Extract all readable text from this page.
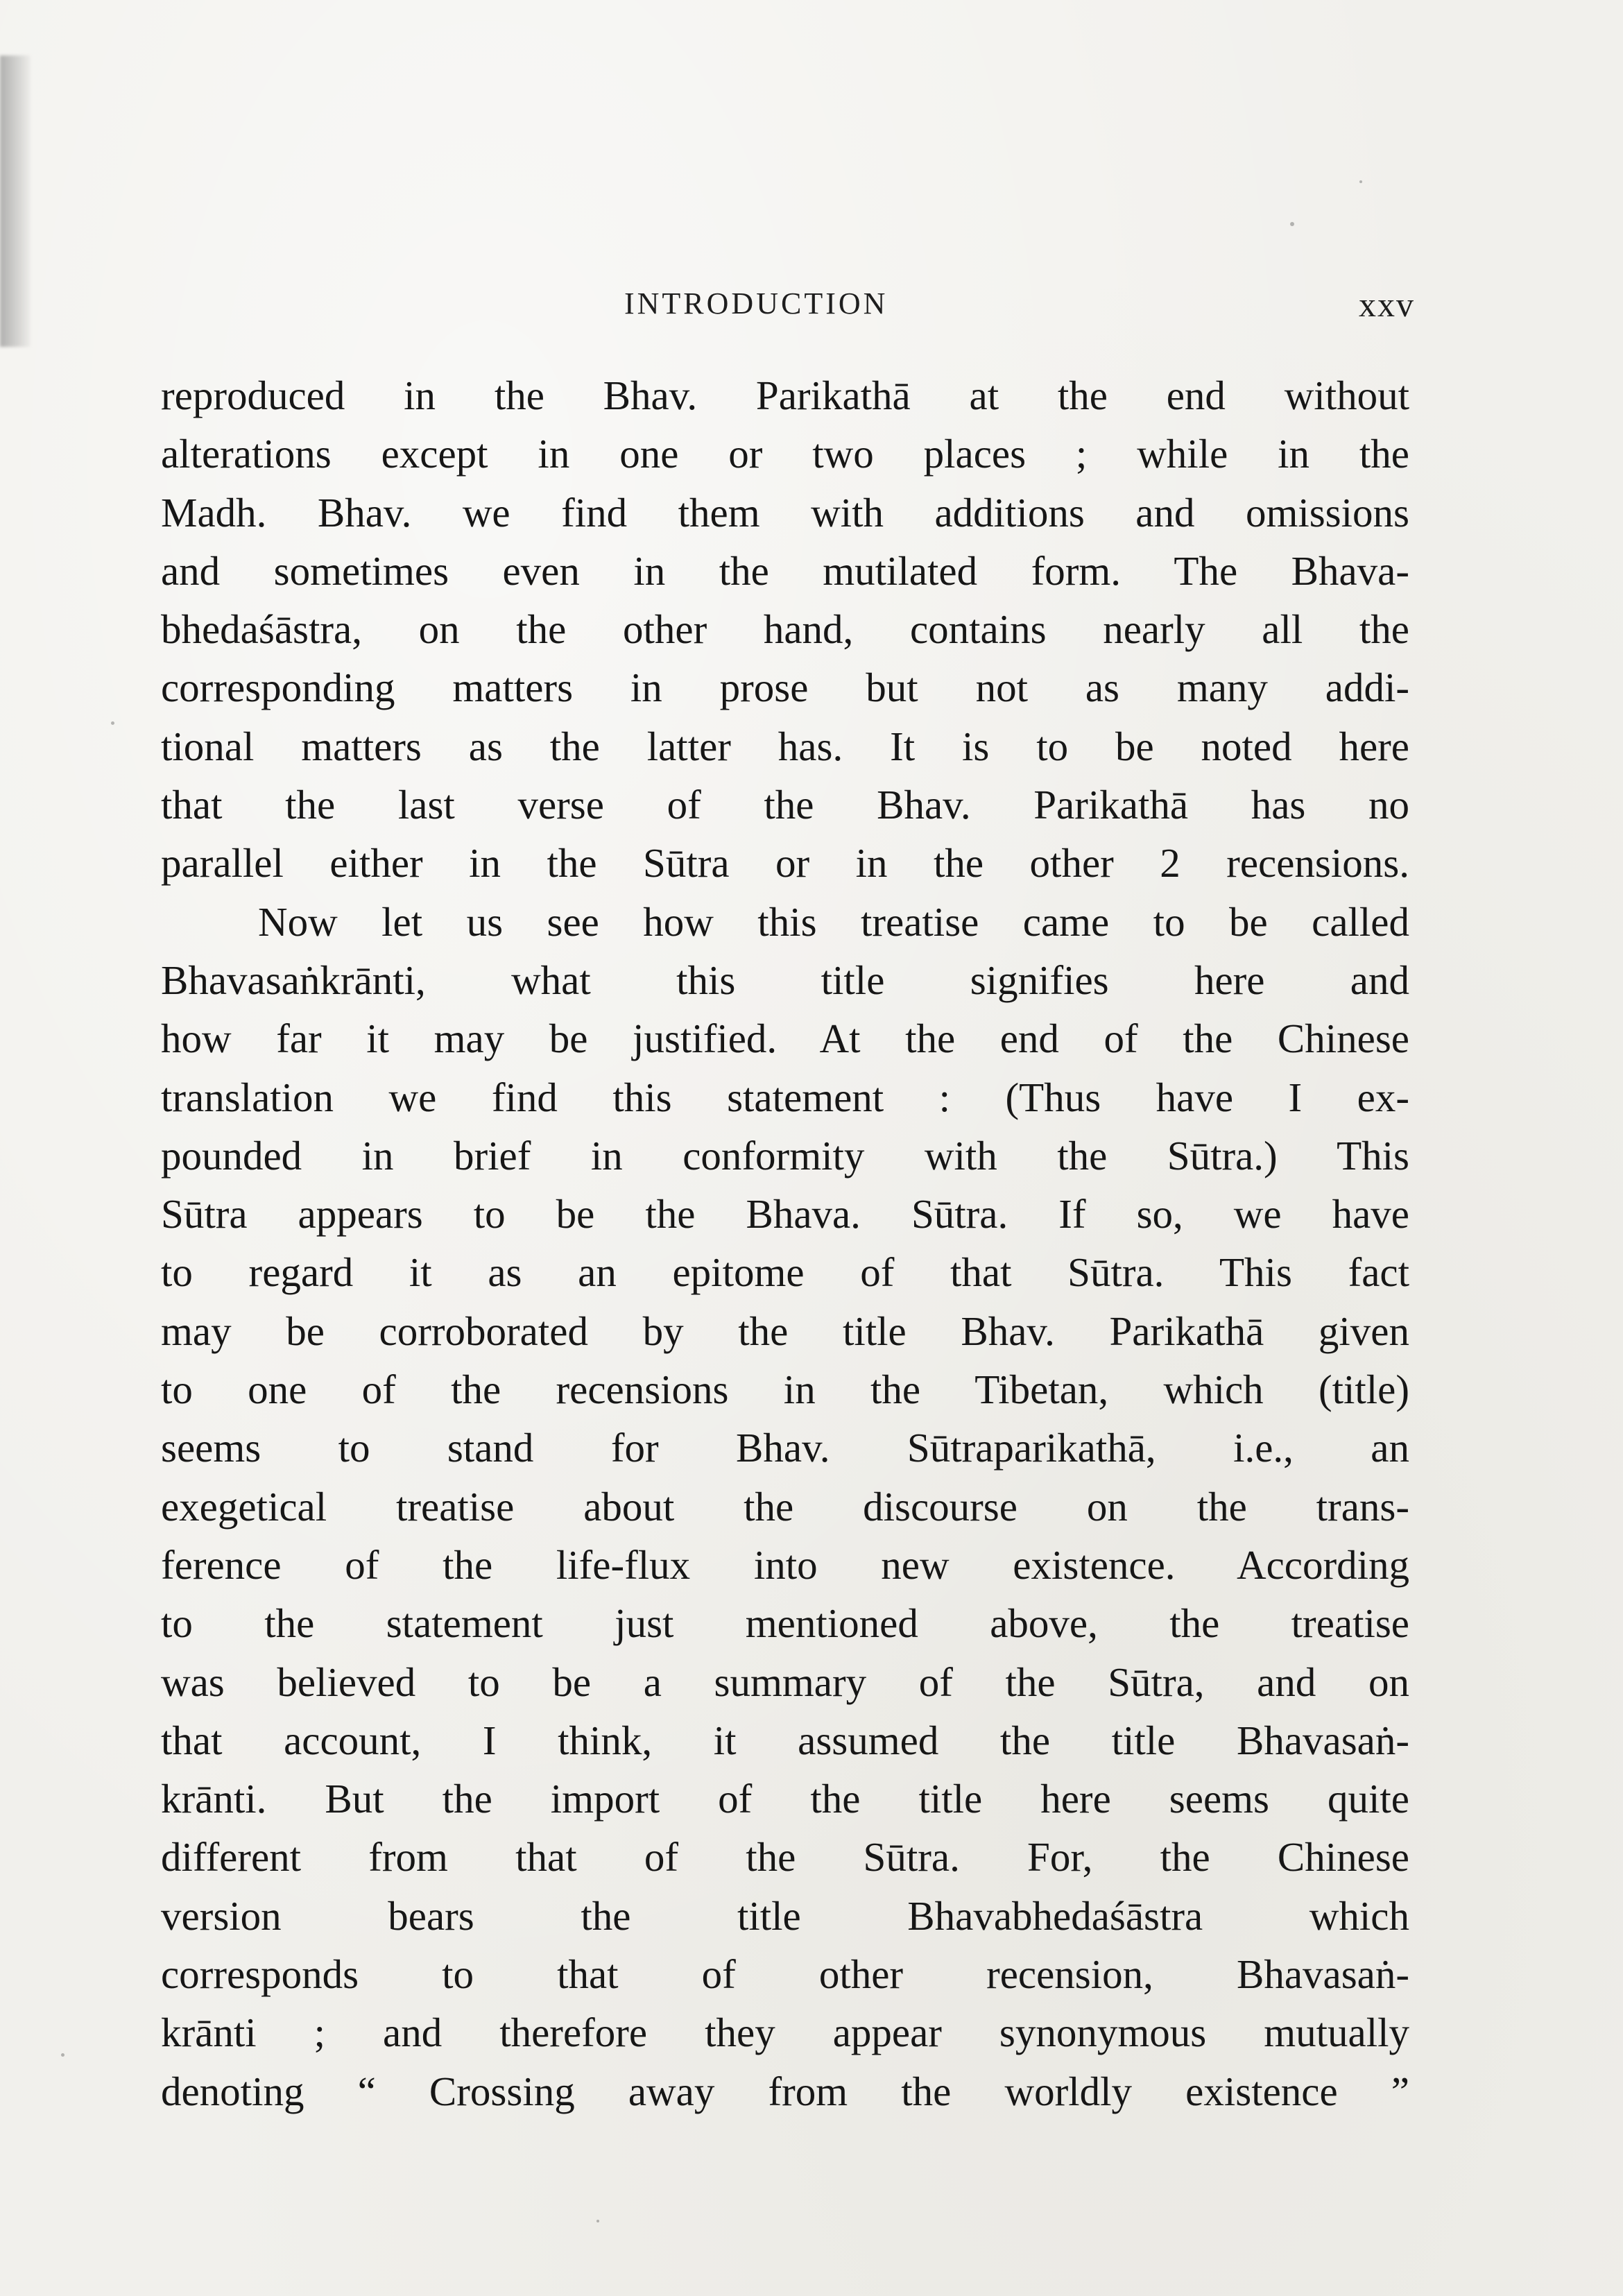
INTRODUCTION	xxv
reproduced in the Bhav. Parikathā at the end without
alterations except in one or two places ; while in the
Madh. Bhav. we find them with additions and omissions
and sometimes even in the mutilated form. The Bhava-
bhedaśāstra, on the other hand, contains nearly all the
corresponding matters in prose but not as many addi-
tional matters as the latter has. It is to be noted here
that the last verse of the Bhav. Parikathā has no
parallel either in the Sūtra or in the other 2 recensions.
Now let us see how this treatise came to be called
Bhavasaṅkrānti, what this title signifies here and
how far it may be justified. At the end of the Chinese
translation we find this statement : (Thus have I ex-
pounded in brief in conformity with the Sūtra.) This
Sūtra appears to be the Bhava. Sūtra. If so, we have
to regard it as an epitome of that Sūtra. This fact
may be corroborated by the title Bhav. Parikathā given
to one of the recensions in the Tibetan, which (title)
seems to stand for Bhav. Sūtraparikathā, i.e., an
exegetical treatise about the discourse on the trans-
ference of the life-flux into new existence. According
to the statement just mentioned above, the treatise
was believed to be a summary of the Sūtra, and on
that account, I think, it assumed the title Bhavasaṅ-
krānti. But the import of the title here seems quite
different from that of the Sūtra. For, the Chinese
version bears the title Bhavabhedaśāstra which
corresponds to that of other recension, Bhavasaṅ-
krānti ; and therefore they appear synonymous mutually
denoting “ Crossing away from the worldly existence ”
